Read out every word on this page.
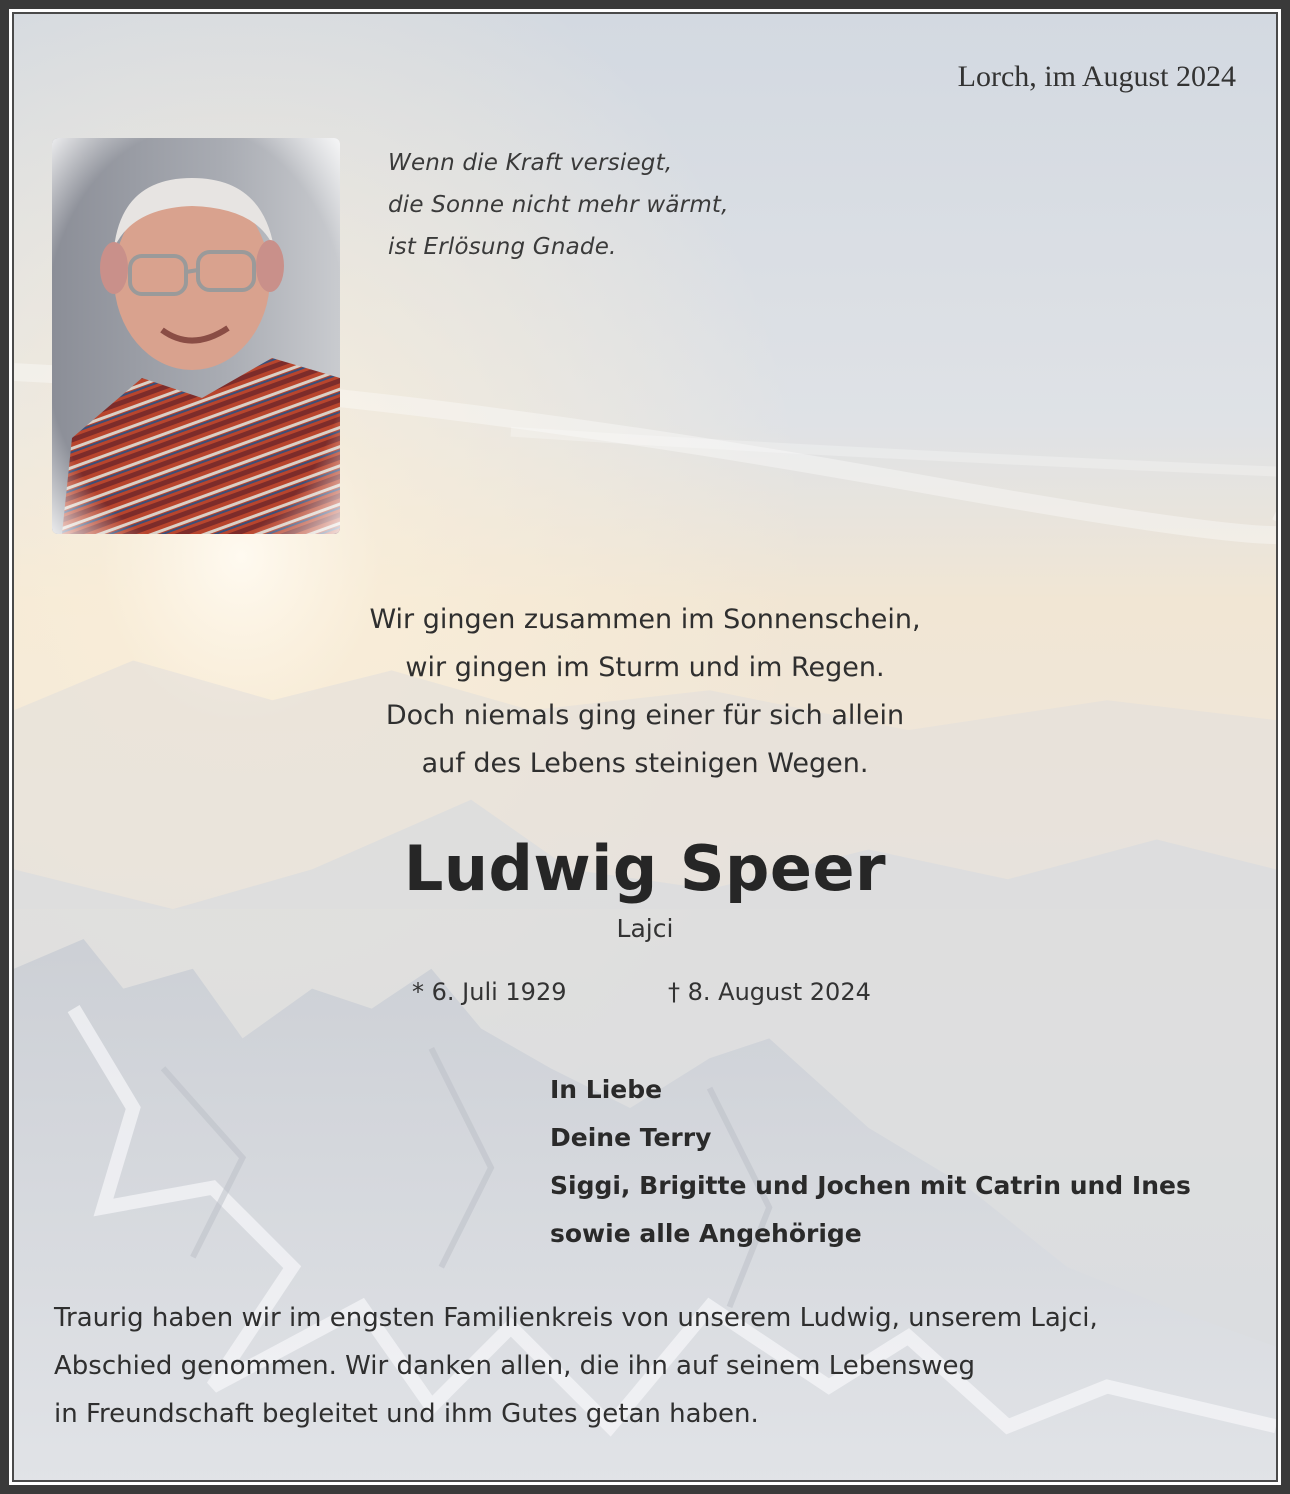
Lorch, im August 2024
Wenn die Kraft versiegt,
die Sonne nicht mehr wärmt,
ist Erlösung Gnade.
Wir gingen zusammen im Sonnenschein,
wir gingen im Sturm und im Regen.
Doch niemals ging einer für sich allein
auf des Lebens steinigen Wegen.
Ludwig Speer
Lajci
* 6. Juli 1929	† 8. August 2024
In Liebe
Deine Terry
Siggi, Brigitte und Jochen mit Catrin und Ines
sowie alle Angehörige
Traurig haben wir im engsten Familienkreis von unserem Ludwig, unserem Lajci,
Abschied genommen. Wir danken allen, die ihn auf seinem Lebensweg
in Freundschaft begleitet und ihm Gutes getan haben.
